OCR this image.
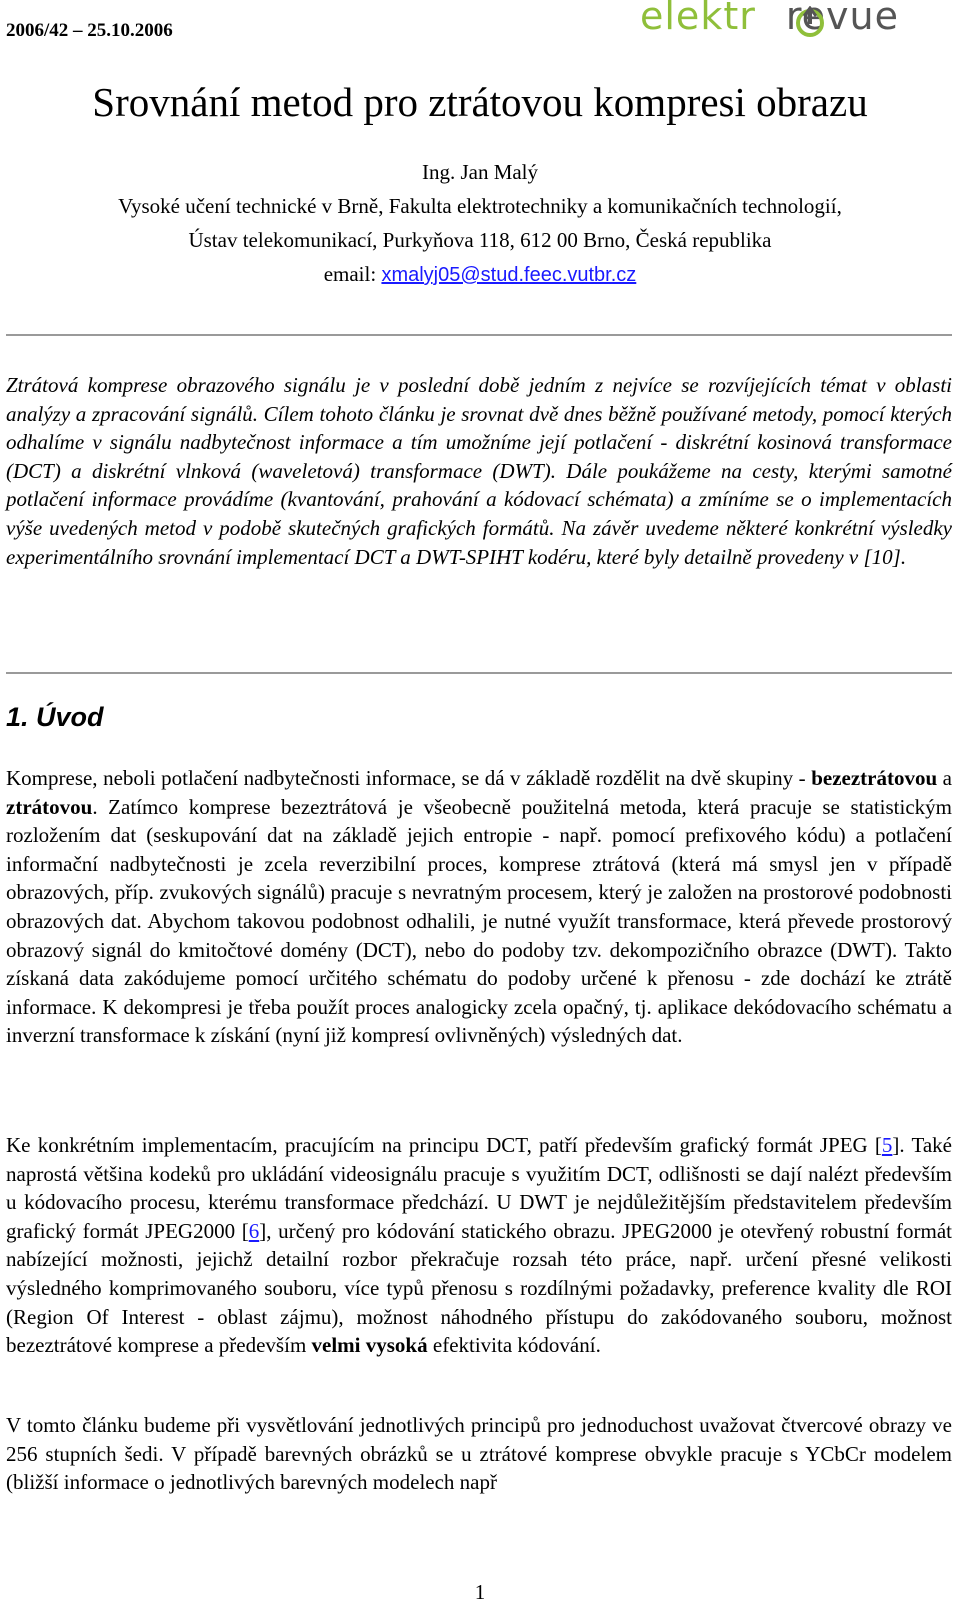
2006/42 – 25.10.2006	elektr revue
Srovnání metod pro ztrátovou kompresi obrazu
Ing. Jan Malý
Vysoké učení technické v Brně, Fakulta elektrotechniky a komunikačních technologií,
Ústav telekomunikací, Purkyňova 118, 612 00 Brno, Česká republika
email: xmalyj05@stud.feec.vutbr.cz

Ztrátová komprese obrazového signálu je v poslední době jedním z nejvíce se rozvíjejících témat v oblasti analýzy a zpracování signálů. Cílem tohoto článku je srovnat dvě dnes běžně používané metody, pomocí kterých odhalíme v signálu nadbytečnost informace a tím umožníme její potlačení - diskrétní kosinová transformace (DCT) a diskrétní vlnková (waveletová) transformace (DWT). Dále poukážeme na cesty, kterými samotné potlačení informace provádíme (kvantování, prahování a kódovací schémata) a zmíníme se o implementacích výše uvedených metod v podobě skutečných grafických formátů. Na závěr uvedeme některé konkrétní výsledky experimentálního srovnání implementací DCT a DWT-SPIHT kodéru, které byly detailně provedeny v [10].

1. Úvod

Komprese, neboli potlačení nadbytečnosti informace, se dá v základě rozdělit na dvě skupiny - bezeztrátovou a ztrátovou. Zatímco komprese bezeztrátová je všeobecně použitelná metoda, která pracuje se statistickým rozložením dat (seskupování dat na základě jejich entropie - např. pomocí prefixového kódu) a potlačení informační nadbytečnosti je zcela reverzibilní proces, komprese ztrátová (která má smysl jen v případě obrazových, příp. zvukových signálů) pracuje s nevratným procesem, který je založen na prostorové podobnosti obrazových dat. Abychom takovou podobnost odhalili, je nutné využít transformace, která převede prostorový obrazový signál do kmitočtové domény (DCT), nebo do podoby tzv. dekompozičního obrazce (DWT). Takto získaná data zakódujeme pomocí určitého schématu do podoby určené k přenosu - zde dochází ke ztrátě informace. K dekompresi je třeba použít proces analogicky zcela opačný, tj. aplikace dekódovacího schématu a inverzní transformace k získání (nyní již kompresí ovlivněných) výsledných dat.

Ke konkrétním implementacím, pracujícím na principu DCT, patří především grafický formát JPEG [5]. Také naprostá většina kodeků pro ukládání videosignálu pracuje s využitím DCT, odlišnosti se dají nalézt především u kódovacího procesu, kterému transformace předchází. U DWT je nejdůležitějším představitelem především grafický formát JPEG2000 [6], určený pro kódování statického obrazu. JPEG2000 je otevřený robustní formát nabízející možnosti, jejichž detailní rozbor překračuje rozsah této práce, např. určení přesné velikosti výsledného komprimovaného souboru, více typů přenosu s rozdílnými požadavky, preference kvality dle ROI (Region Of Interest - oblast zájmu), možnost náhodného přístupu do zakódovaného souboru, možnost bezeztrátové komprese a především velmi vysoká efektivita kódování.

V tomto článku budeme při vysvětlování jednotlivých principů pro jednoduchost uvažovat čtvercové obrazy ve 256 stupních šedi. V případě barevných obrázků se u ztrátové komprese obvykle pracuje s YCbCr modelem (bližší informace o jednotlivých barevných modelech např

1
